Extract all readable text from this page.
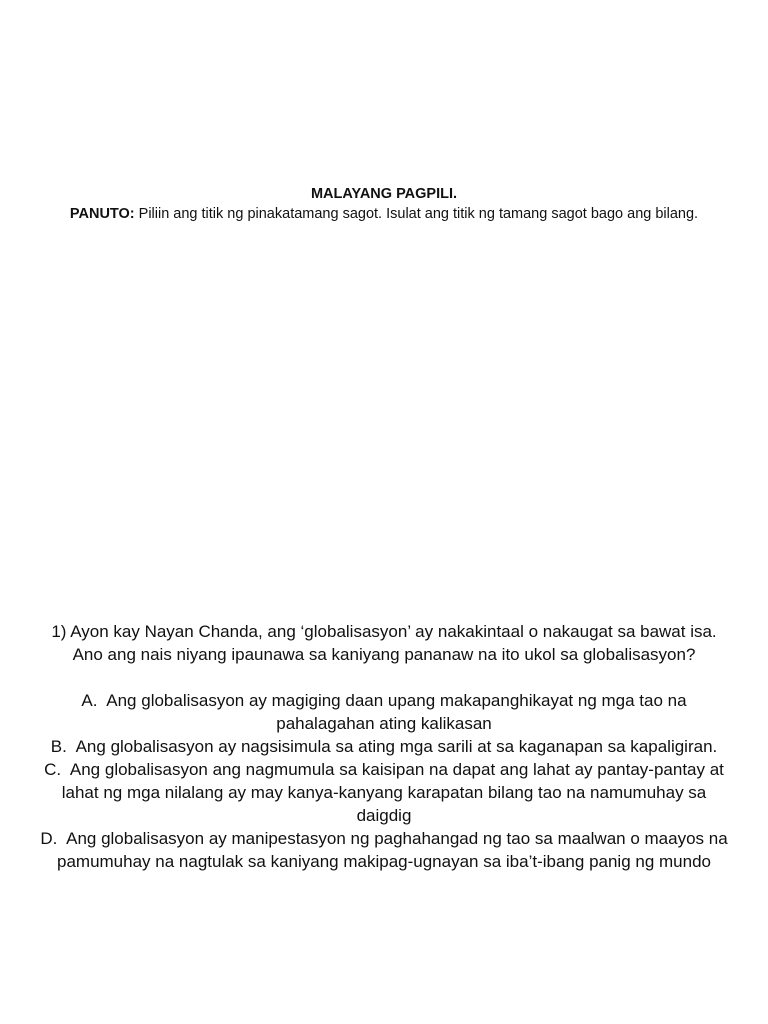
MALAYANG PAGPILI.
PANUTO: Piliin ang titik ng pinakatamang sagot. Isulat ang titik ng tamang sagot bago ang bilang.

1) Ayon kay Nayan Chanda, ang ‘globalisasyon’ ay nakakintaal o nakaugat sa bawat isa. Ano ang nais niyang ipaunawa sa kaniyang pananaw na ito ukol sa globalisasyon?

A. Ang globalisasyon ay magiging daan upang makapanghikayat ng mga tao na pahalagahan ating kalikasan

B. Ang globalisasyon ay nagsisimula sa ating mga sarili at sa kaganapan sa kapaligiran.

C. Ang globalisasyon ang nagmumula sa kaisipan na dapat ang lahat ay pantay-pantay at lahat ng mga nilalang ay may kanya-kanyang karapatan bilang tao na namumuhay sa daigdig

D. Ang globalisasyon ay manipestasyon ng paghahangad ng tao sa maalwan o maayos na pamumuhay na nagtulak sa kaniyang makipag-ugnayan sa iba’t-ibang panig ng mundo
